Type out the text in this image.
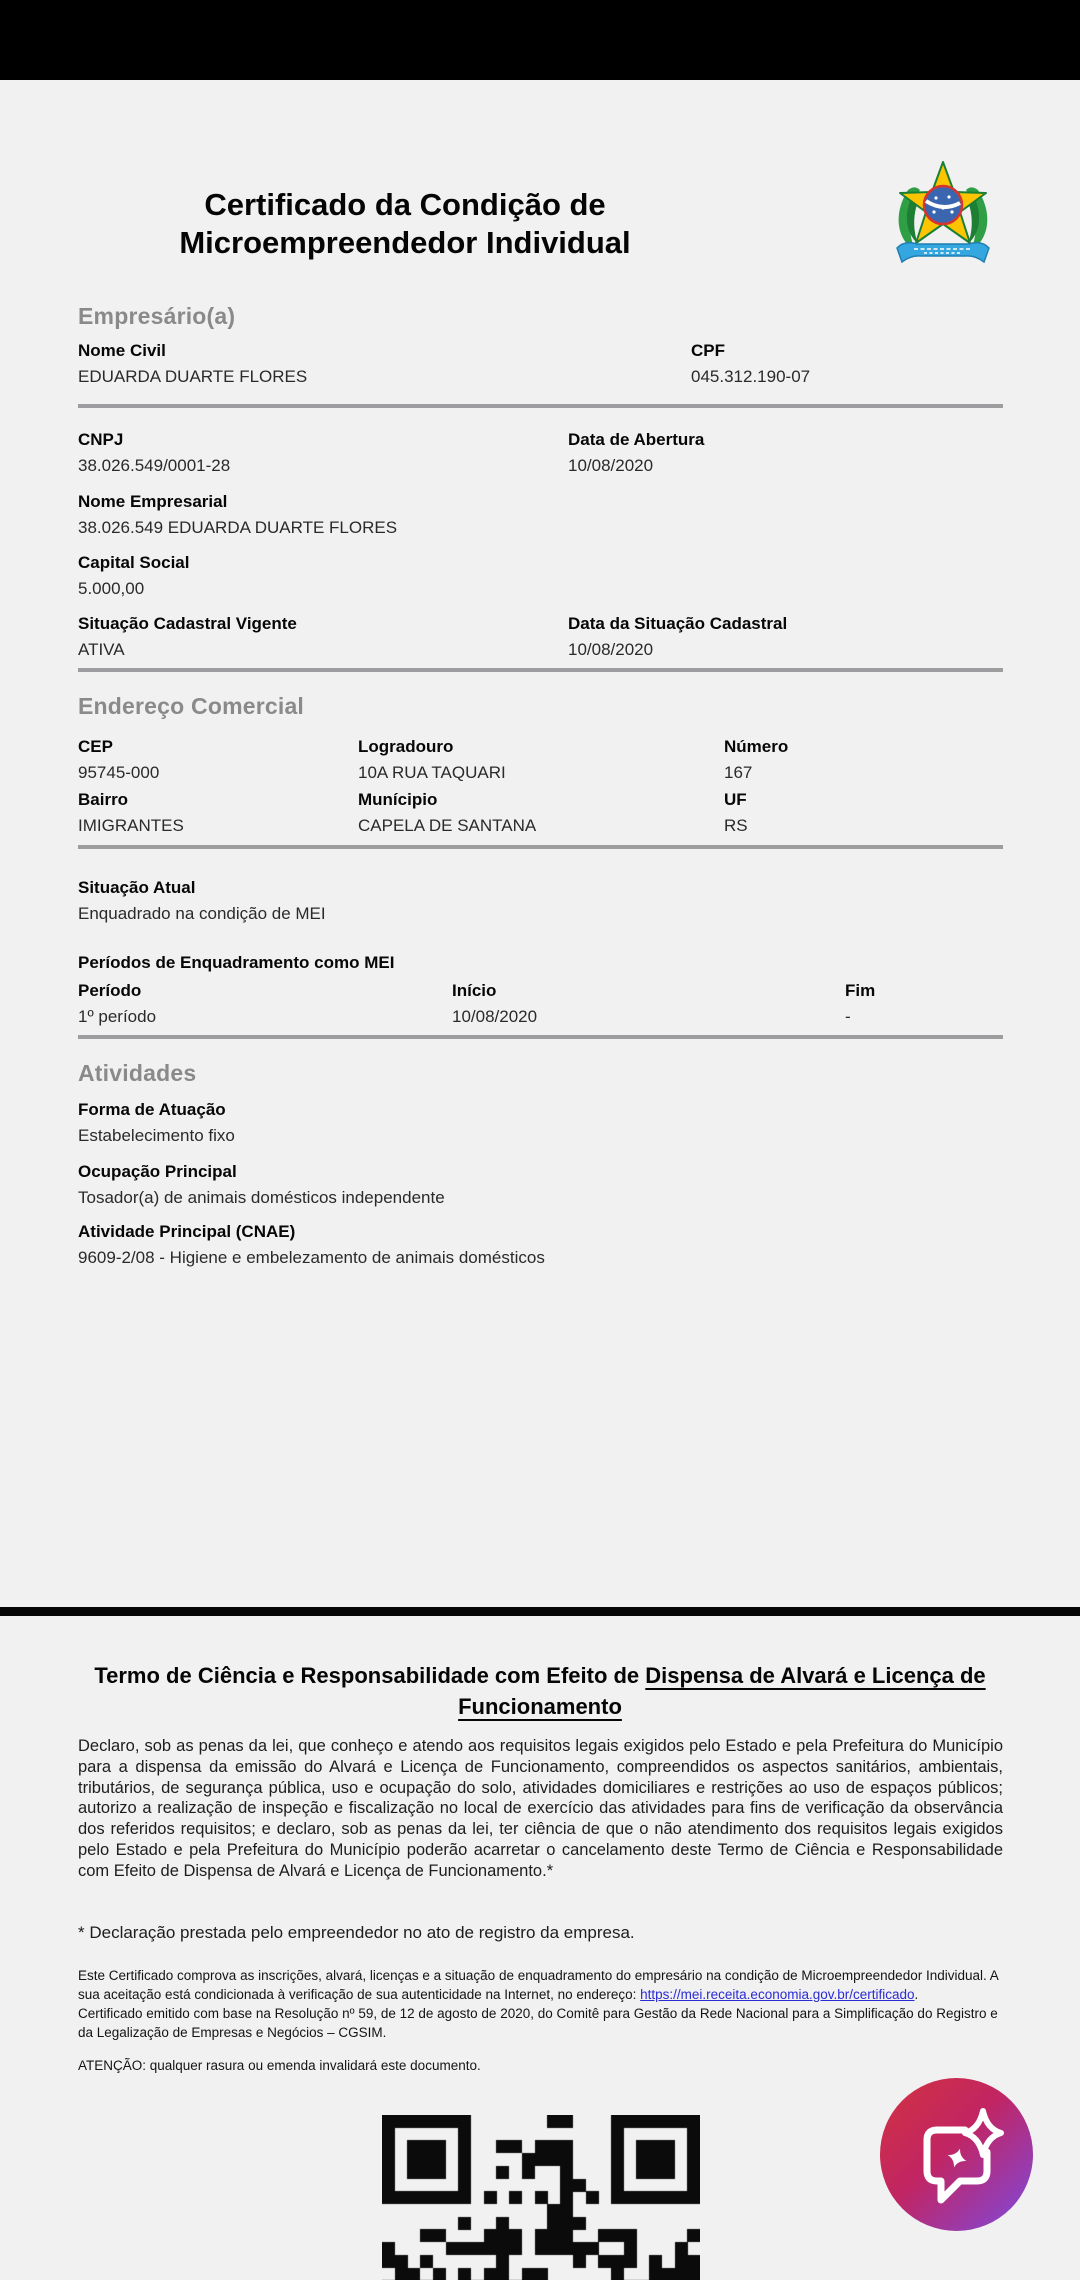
Certificado da Condição de
Microempreendedor Individual
Empresário(a)
Nome Civil
EDUARDA DUARTE FLORES
CPF
045.312.190-07
CNPJ
38.026.549/0001-28
Data de Abertura
10/08/2020
Nome Empresarial
38.026.549 EDUARDA DUARTE FLORES
Capital Social
5.000,00
Situação Cadastral Vigente
ATIVA
Data da Situação Cadastral
10/08/2020
Endereço Comercial
CEP
95745-000
Logradouro
10A RUA TAQUARI
Número
167
Bairro
IMIGRANTES
Munícipio
CAPELA DE SANTANA
UF
RS
Situação Atual
Enquadrado na condição de MEI
Períodos de Enquadramento como MEI
Período
1º período
Início
10/08/2020
Fim
-
Atividades
Forma de Atuação
Estabelecimento fixo
Ocupação Principal
Tosador(a) de animais domésticos independente
Atividade Principal (CNAE)
9609-2/08 - Higiene e embelezamento de animais domésticos
Termo de Ciência e Responsabilidade com Efeito de Dispensa de Alvará e Licença de
Funcionamento
Declaro, sob as penas da lei, que conheço e atendo aos requisitos legais exigidos pelo Estado e pela Prefeitura do Município para a dispensa da emissão do Alvará e Licença de Funcionamento, compreendidos os aspectos sanitários, ambientais, tributários, de segurança pública, uso e ocupação do solo, atividades domiciliares e restrições ao uso de espaços públicos; autorizo a realização de inspeção e fiscalização no local de exercício das atividades para fins de verificação da observância dos referidos requisitos; e declaro, sob as penas da lei, ter ciência de que o não atendimento dos requisitos legais exigidos pelo Estado e pela Prefeitura do Município poderão acarretar o cancelamento deste Termo de Ciência e Responsabilidade com Efeito de Dispensa de Alvará e Licença de Funcionamento.*
* Declaração prestada pelo empreendedor no ato de registro da empresa.

Este Certificado comprova as inscrições, alvará, licenças e a situação de enquadramento do empresário na condição de Microempreendedor Individual. A sua aceitação está condicionada à verificação de sua autenticidade na Internet, no endereço: https://mei.receita.economia.gov.br/certificado.

Certificado emitido com base na Resolução nº 59, de 12 de agosto de 2020, do Comitê para Gestão da Rede Nacional para a Simplificação do Registro e da Legalização de Empresas e Negócios – CGSIM.

ATENÇÃO: qualquer rasura ou emenda invalidará este documento.
